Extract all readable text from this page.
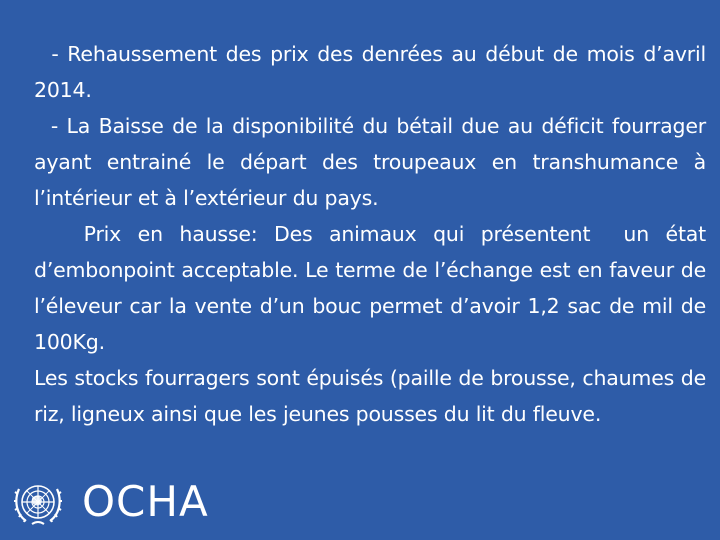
- Rehaussement des prix des denrées au début de mois d’avril 2014.

- La Baisse de la disponibilité du bétail due au déficit fourrager ayant entrainé le départ des troupeaux en transhumance à l’intérieur et à l’extérieur du pays.

Prix en hausse: Des animaux qui présentent  un état d’embonpoint acceptable. Le terme de l’échange est en faveur de l’éleveur car la vente d’un bouc permet d’avoir 1,2 sac de mil de 100Kg.

Les stocks fourragers sont épuisés (paille de brousse, chaumes de riz, ligneux ainsi que les jeunes pousses du lit du fleuve.

OCHA
